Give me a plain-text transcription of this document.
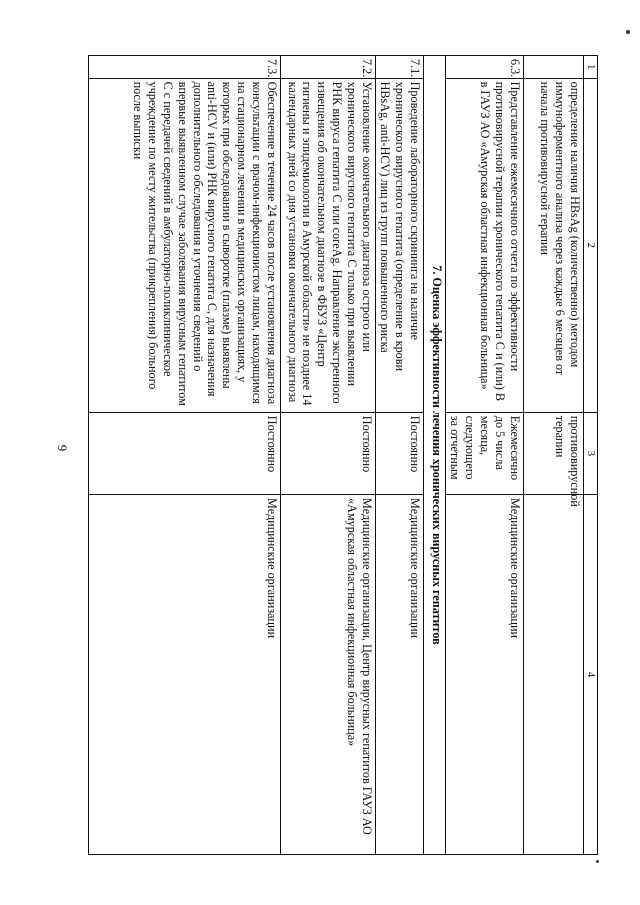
9
1	2	3	4
	определение наличия HBsAg (количественно) методом иммуноферментного анализа через каждые 6 месяцев от начала противовирусной терапии	противовирусной терапии	
6.3.	Представление ежемесячного отчета по эффективности противовирусной терапии хронического гепатита С и (или) В в ГАУЗ АО «Амурская областная инфекционная больница»	Ежемесячно до 5 числа месяца, следующего за отчетным	Медицинские организации
7. Оценка эффективности лечения хронических вирусных гепатитов			
7.1.	Проведение лабораторного скрининга на наличие хронического вирусного гепатита (определение в крови HBsAg, anti-HCV) лиц из групп повышенного риска	Постоянно	Медицинские организации
7.2.	Установление окончательного диагноза острого или хронического вирусного гепатита С только при выявлении РНК вируса гепатита С или coreAg. Направление экстренного извещения об окончательном диагнозе в ФБУЗ «Центр гигиены и эпидемиологии в Амурской области» не позднее 14 календарных дней со дня установки окончательного диагноза	Постоянно	Медицинские организации, Центр вирусных гепатитов ГАУЗ АО «Амурская областная инфекционная больница»
7.3.	Обеспечение в течение 24 часов после установления диагноза консультации с врачом-инфекционистом лицам, находящимся на стационарном лечении в медицинских организациях, у которых при обследовании в сыворотке (плазме) выявлены anti-HCV и (или) РНК вирусного гепатита С, для назначения дополнительного обследования и уточнения сведений о впервые выявленном случае заболевания вирусным гепатитом С с передачей сведений в амбулаторно-поликлиническое учреждение по месту жительства (прикрепления) больного после выписки	Постоянно	Медицинские организации
